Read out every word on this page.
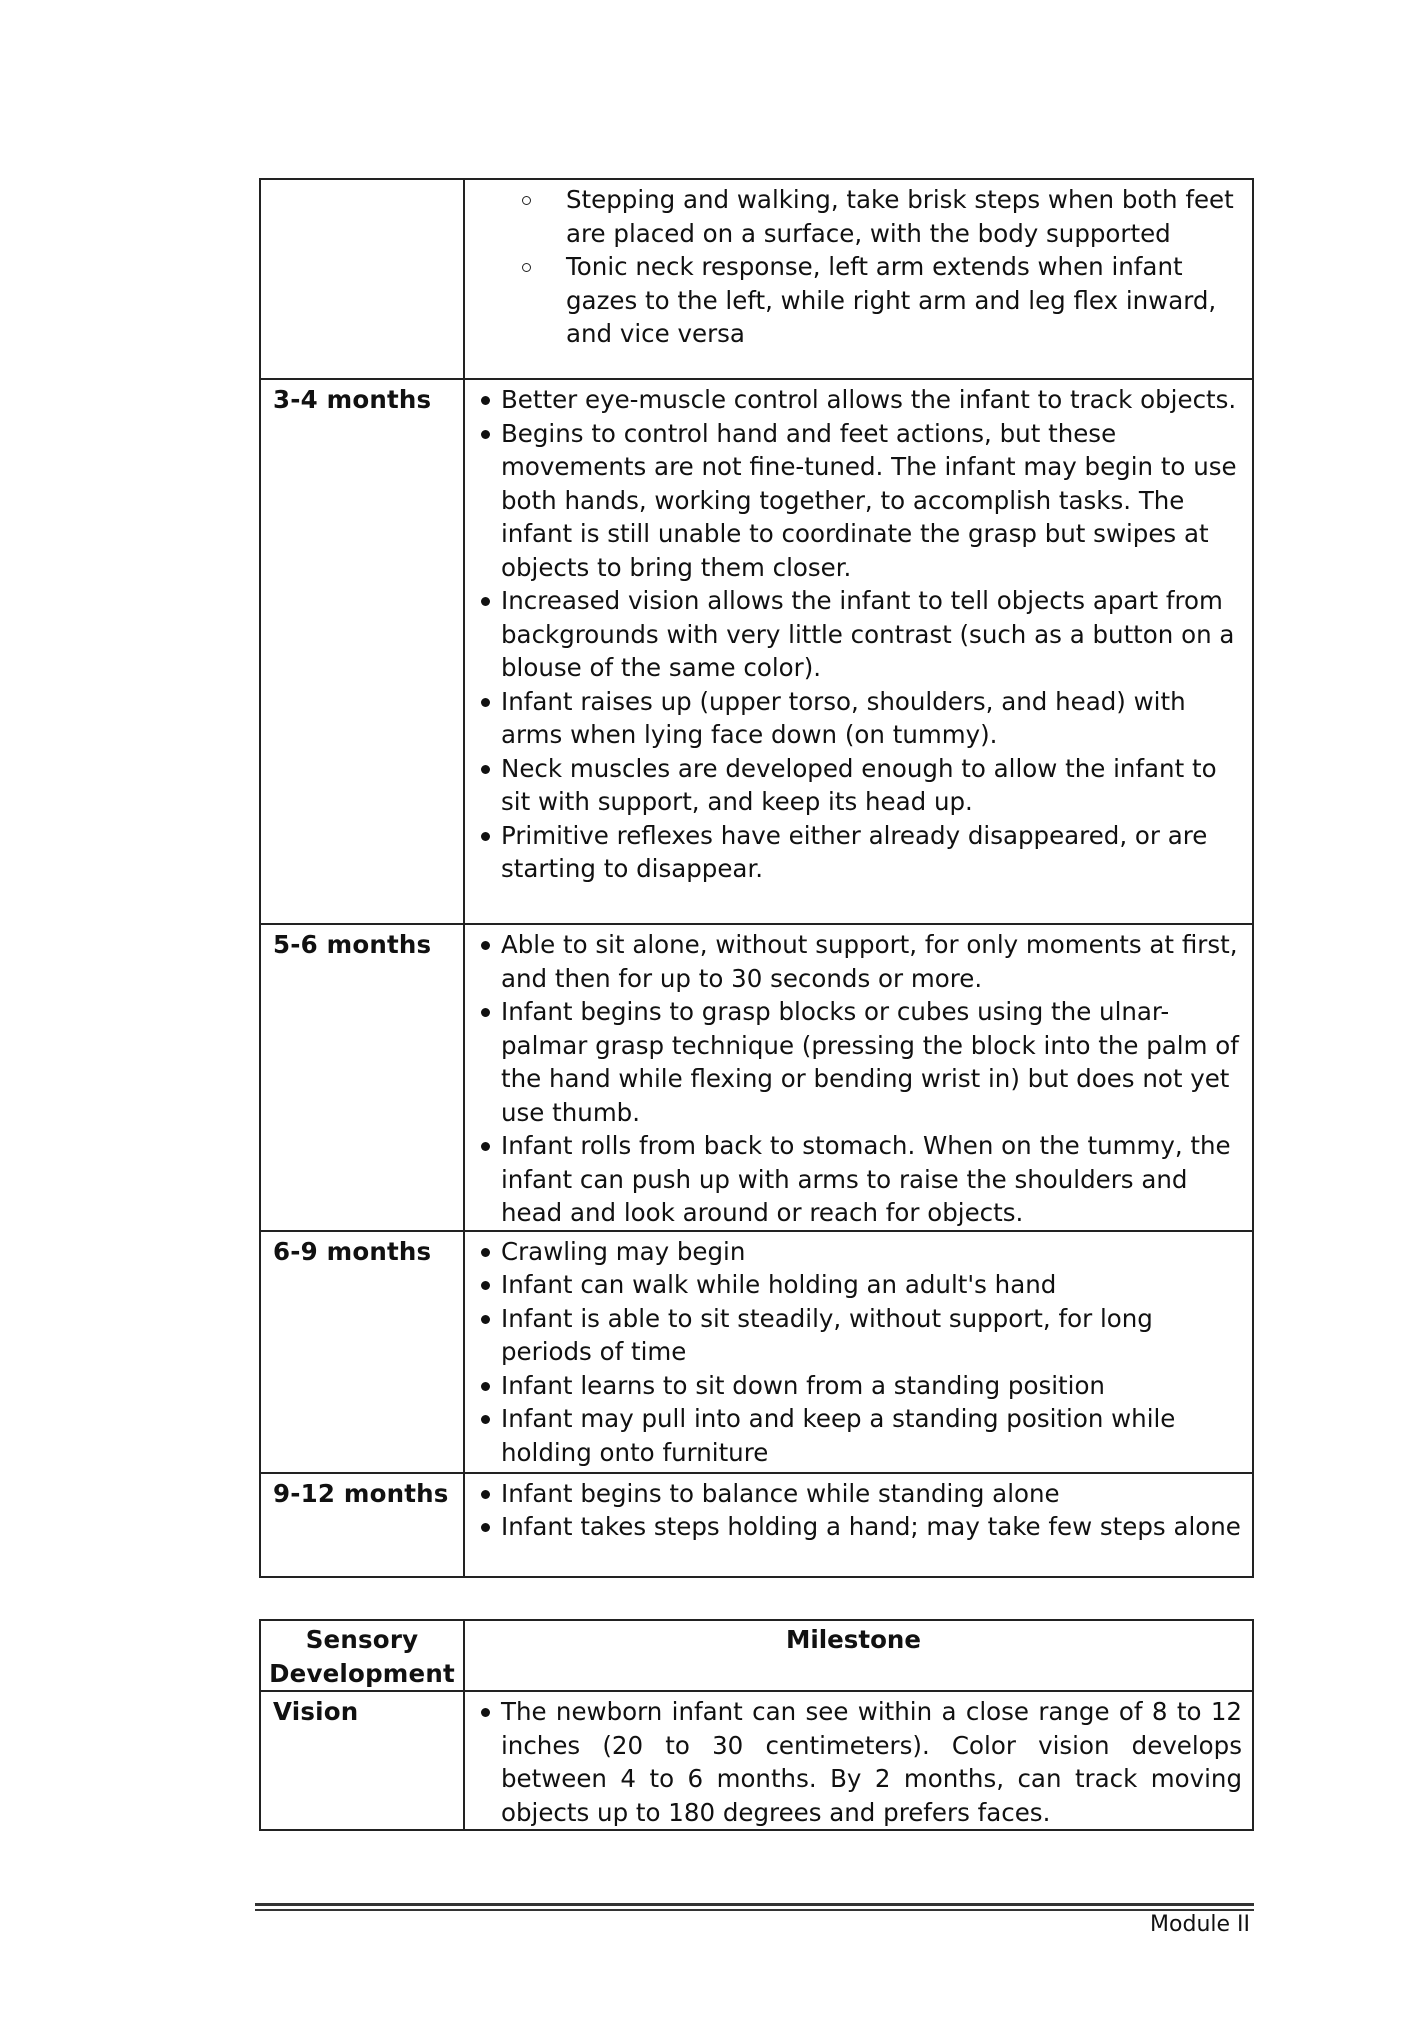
Stepping and walking, take brisk steps when both feet are placed on a surface, with the body supported
Tonic neck response, left arm extends when infant gazes to the left, while right arm and leg flex inward, and vice versa

3-4 months	Better eye-muscle control allows the infant to track objects.
Begins to control hand and feet actions, but these movements are not fine-tuned. The infant may begin to use both hands, working together, to accomplish tasks. The infant is still unable to coordinate the grasp but swipes at objects to bring them closer.
Increased vision allows the infant to tell objects apart from backgrounds with very little contrast (such as a button on a blouse of the same color).
Infant raises up (upper torso, shoulders, and head) with arms when lying face down (on tummy).
Neck muscles are developed enough to allow the infant to sit with support, and keep its head up.
Primitive reflexes have either already disappeared, or are starting to disappear.

5-6 months	Able to sit alone, without support, for only moments at first, and then for up to 30 seconds or more.
Infant begins to grasp blocks or cubes using the ulnar-palmar grasp technique (pressing the block into the palm of the hand while flexing or bending wrist in) but does not yet use thumb.
Infant rolls from back to stomach. When on the tummy, the infant can push up with arms to raise the shoulders and head and look around or reach for objects.

6-9 months	Crawling may begin
Infant can walk while holding an adult's hand
Infant is able to sit steadily, without support, for long periods of time
Infant learns to sit down from a standing position
Infant may pull into and keep a standing position while holding onto furniture

9-12 months	Infant begins to balance while standing alone
Infant takes steps holding a hand; may take few steps alone
Sensory Development	Milestone
Vision	The newborn infant can see within a close range of 8 to 12 inches (20 to 30 centimeters). Color vision develops between 4 to 6 months. By 2 months, can track moving objects up to 180 degrees and prefers faces.
Module II
